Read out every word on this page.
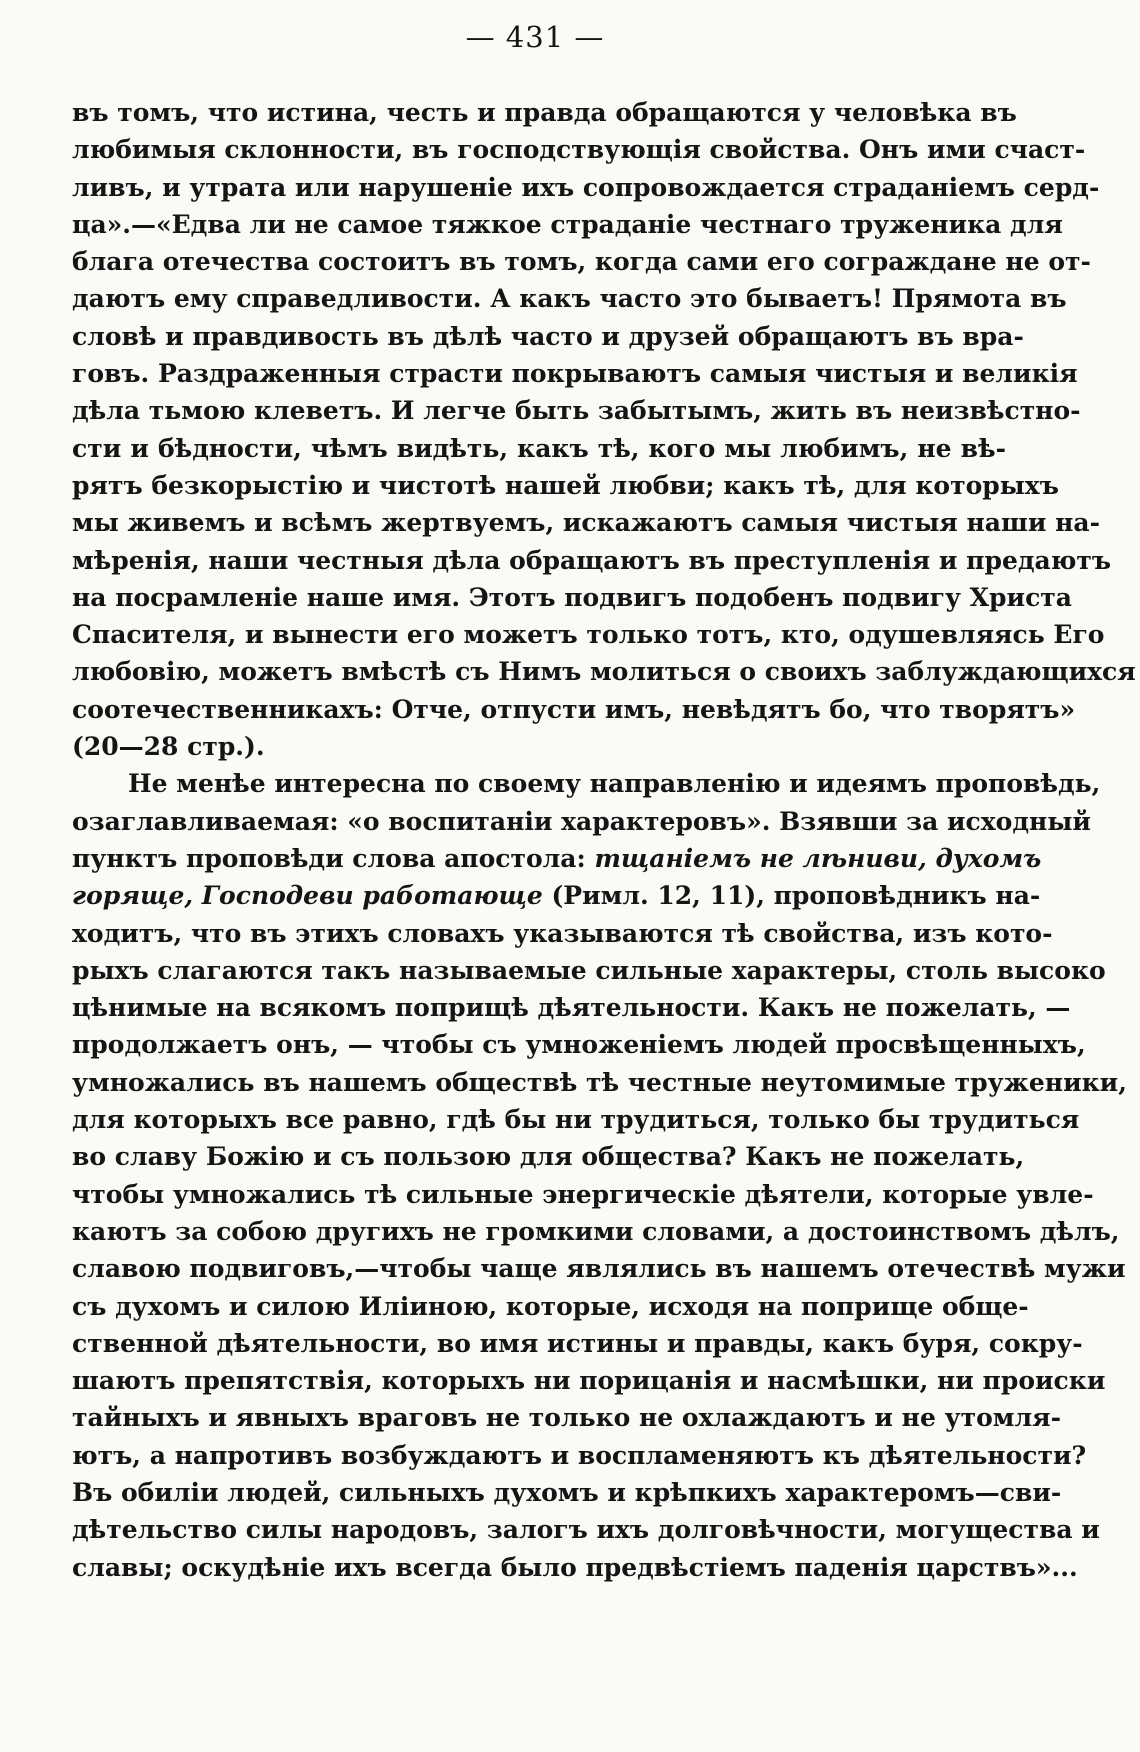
— 431 —
въ томъ, что истина, честь и правда обращаются у человѣка въ
любимыя склонности, въ господствующія свойства. Онъ ими счаст-
ливъ, и утрата или нарушеніе ихъ сопровождается страданіемъ серд-
ца».—«Едва ли не самое тяжкое страданіе честнаго труженика для
блага отечества состоитъ въ томъ, когда сами его сограждане не от-
даютъ ему справедливости. А какъ часто это бываетъ! Прямота въ
словѣ и правдивость въ дѣлѣ часто и друзей обращаютъ въ вра-
говъ. Раздраженныя страсти покрываютъ самыя чистыя и великія
дѣла тьмою клеветъ. И легче быть забытымъ, жить въ неизвѣстно-
сти и бѣдности, чѣмъ видѣть, какъ тѣ, кого мы любимъ, не вѣ-
рятъ безкорыстію и чистотѣ нашей любви; какъ тѣ, для которыхъ
мы живемъ и всѣмъ жертвуемъ, искажаютъ самыя чистыя наши на-
мѣренія, наши честныя дѣла обращаютъ въ преступленія и предаютъ
на посрамленіе наше имя. Этотъ подвигъ подобенъ подвигу Христа
Спасителя, и вынести его можетъ только тотъ, кто, одушевляясь Его
любовію, можетъ вмѣстѣ съ Нимъ молиться о своихъ заблуждающихся
соотечественникахъ: Отче, отпусти имъ, невѣдятъ бо, что творятъ»
(20—28 стр.).
Не менѣе интересна по своему направленію и идеямъ проповѣдь,
озаглавливаемая: «о воспитаніи характеровъ». Взявши за исходный
пунктъ проповѣди слова апостола: тщаніемъ не лѣниви, духомъ
горяще, Господеви работающе (Римл. 12, 11), проповѣдникъ на-
ходитъ, что въ этихъ словахъ указываются тѣ свойства, изъ кото-
рыхъ слагаются такъ называемые сильные характеры, столь высоко
цѣнимые на всякомъ поприщѣ дѣятельности. Какъ не пожелать, —
продолжаетъ онъ, — чтобы съ умноженіемъ людей просвѣщенныхъ,
умножались въ нашемъ обществѣ тѣ честные неутомимые труженики,
для которыхъ все равно, гдѣ бы ни трудиться, только бы трудиться
во славу Божію и съ пользою для общества? Какъ не пожелать,
чтобы умножались тѣ сильные энергическіе дѣятели, которые увле-
каютъ за собою другихъ не громкими словами, а достоинствомъ дѣлъ,
славою подвиговъ,—чтобы чаще являлись въ нашемъ отечествѣ мужи
съ духомъ и силою Илiиною, которые, исходя на поприще обще-
ственной дѣятельности, во имя истины и правды, какъ буря, сокру-
шаютъ препятствія, которыхъ ни порицанія и насмѣшки, ни происки
тайныхъ и явныхъ враговъ не только не охлаждаютъ и не утомля-
ютъ, а напротивъ возбуждаютъ и воспламеняютъ къ дѣятельности?
Въ обиліи людей, сильныхъ духомъ и крѣпкихъ характеромъ—сви-
дѣтельство силы народовъ, залогъ ихъ долговѣчности, могущества и
славы; оскудѣніе ихъ всегда было предвѣстіемъ паденія царствъ»...
